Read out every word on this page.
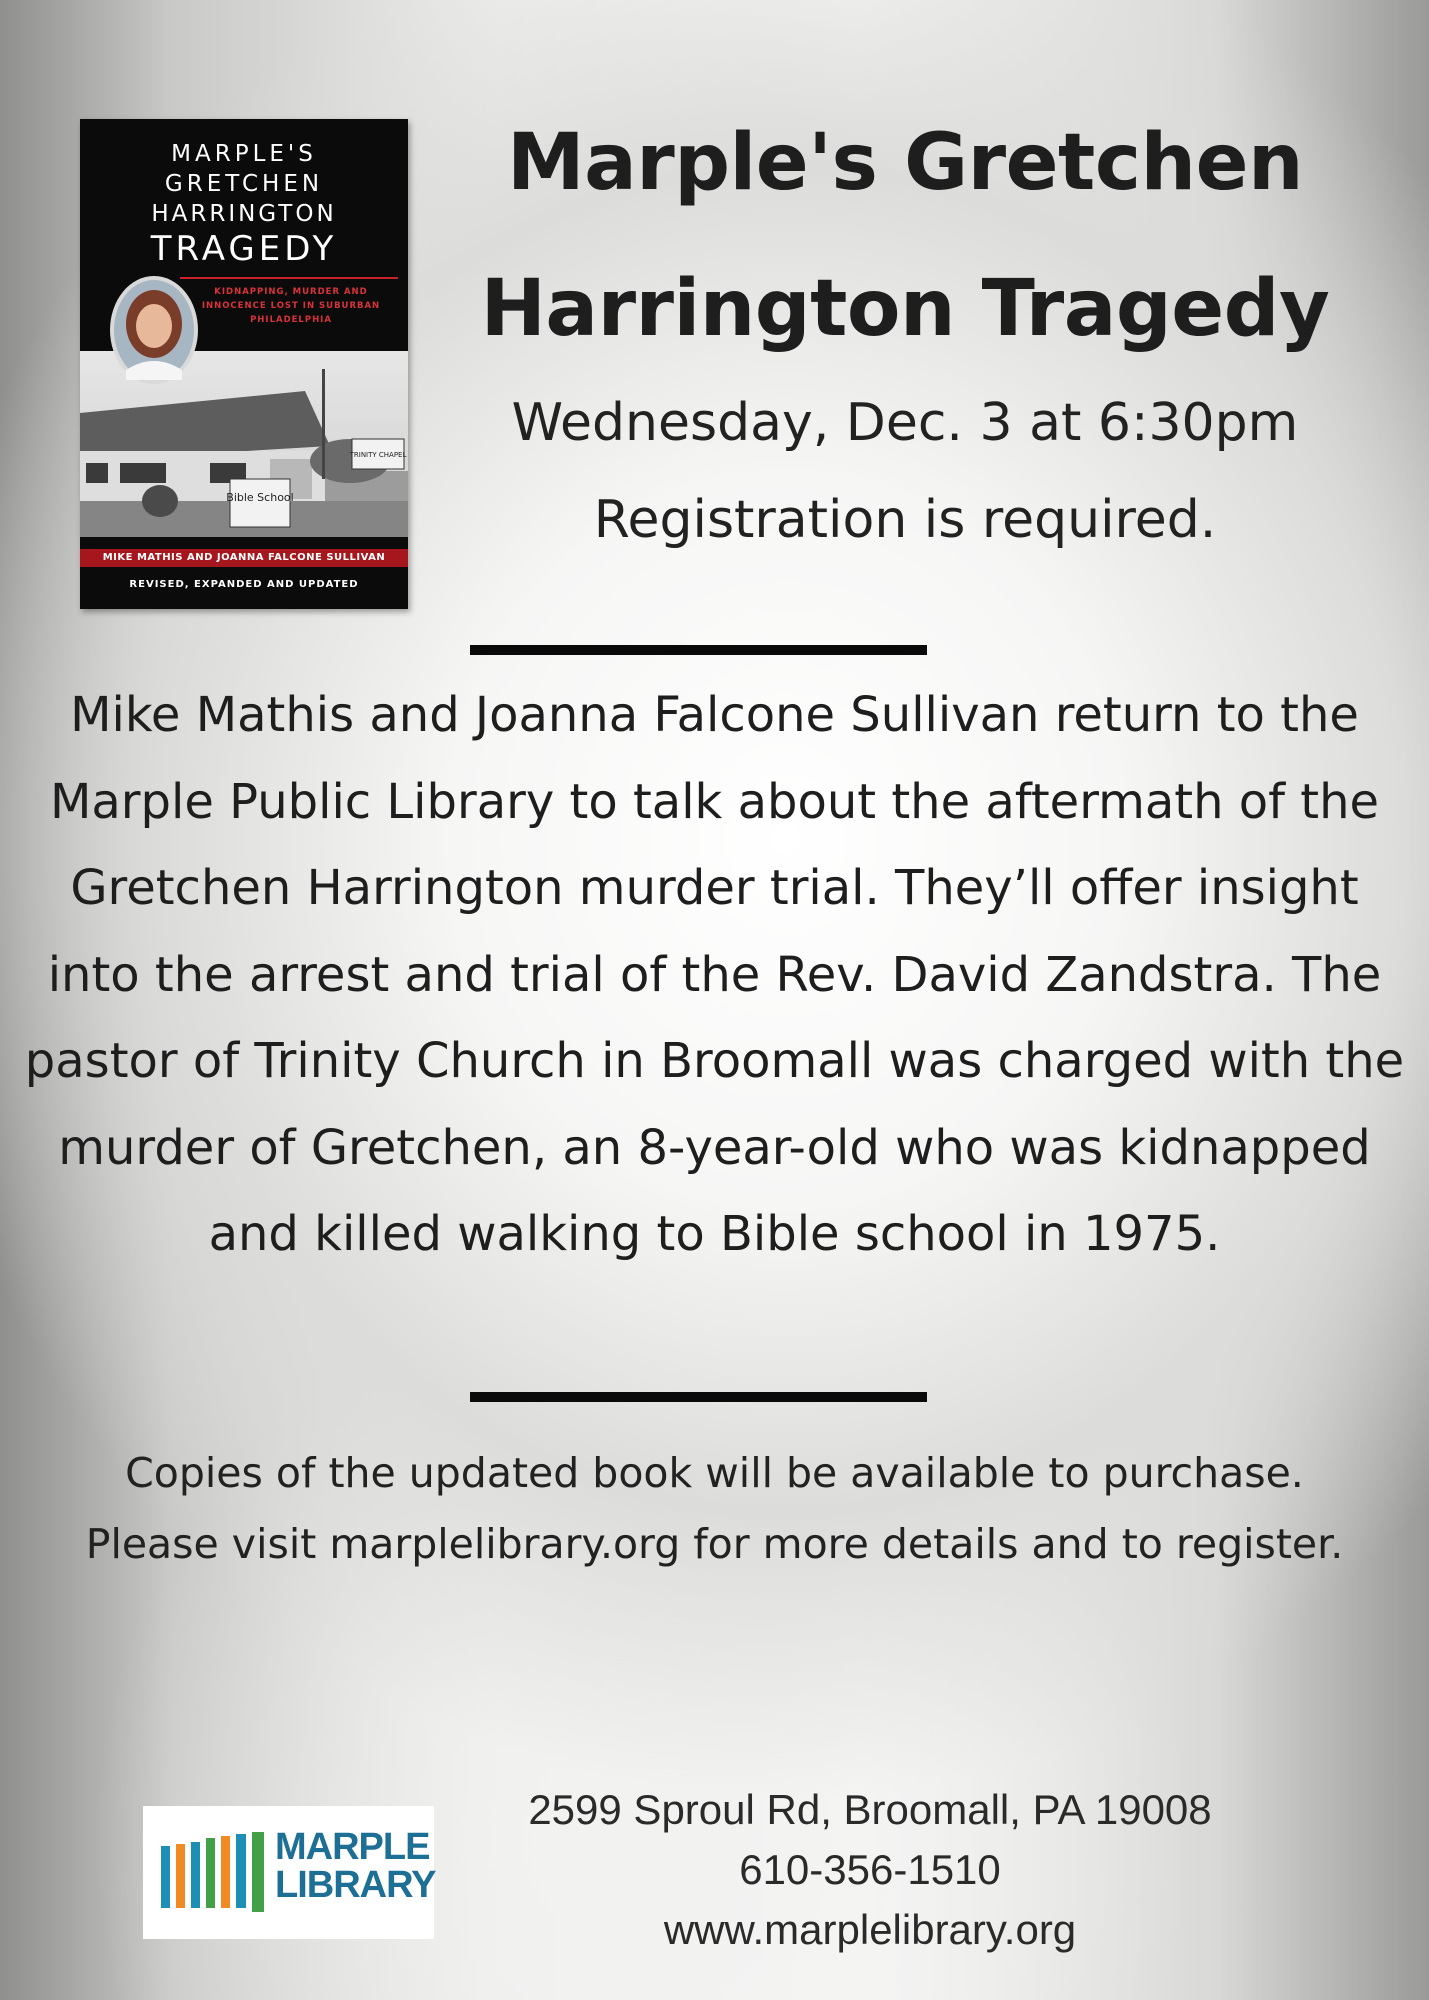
MARPLE'S
GRETCHEN
HARRINGTON
TRAGEDY
KIDNAPPING, MURDER AND INNOCENCE LOST IN SUBURBAN PHILADELPHIA
Bible School
TRINITY CHAPEL
MIKE MATHIS AND JOANNA FALCONE SULLIVAN
REVISED, EXPANDED AND UPDATED
Marple's Gretchen Harrington Tragedy
Wednesday, Dec. 3 at 6:30pm
Registration is required.

Mike Mathis and Joanna Falcone Sullivan return to the Marple Public Library to talk about the aftermath of the Gretchen Harrington murder trial. They’ll offer insight into the arrest and trial of the Rev. David Zandstra. The pastor of Trinity Church in Broomall was charged with the murder of Gretchen, an 8-year-old who was kidnapped and killed walking to Bible school in 1975.

Copies of the updated book will be available to purchase.
Please visit marplelibrary.org for more details and to register.
MARPLE
LIBRARY
2599 Sproul Rd, Broomall, PA 19008
610-356-1510
www.marplelibrary.org
